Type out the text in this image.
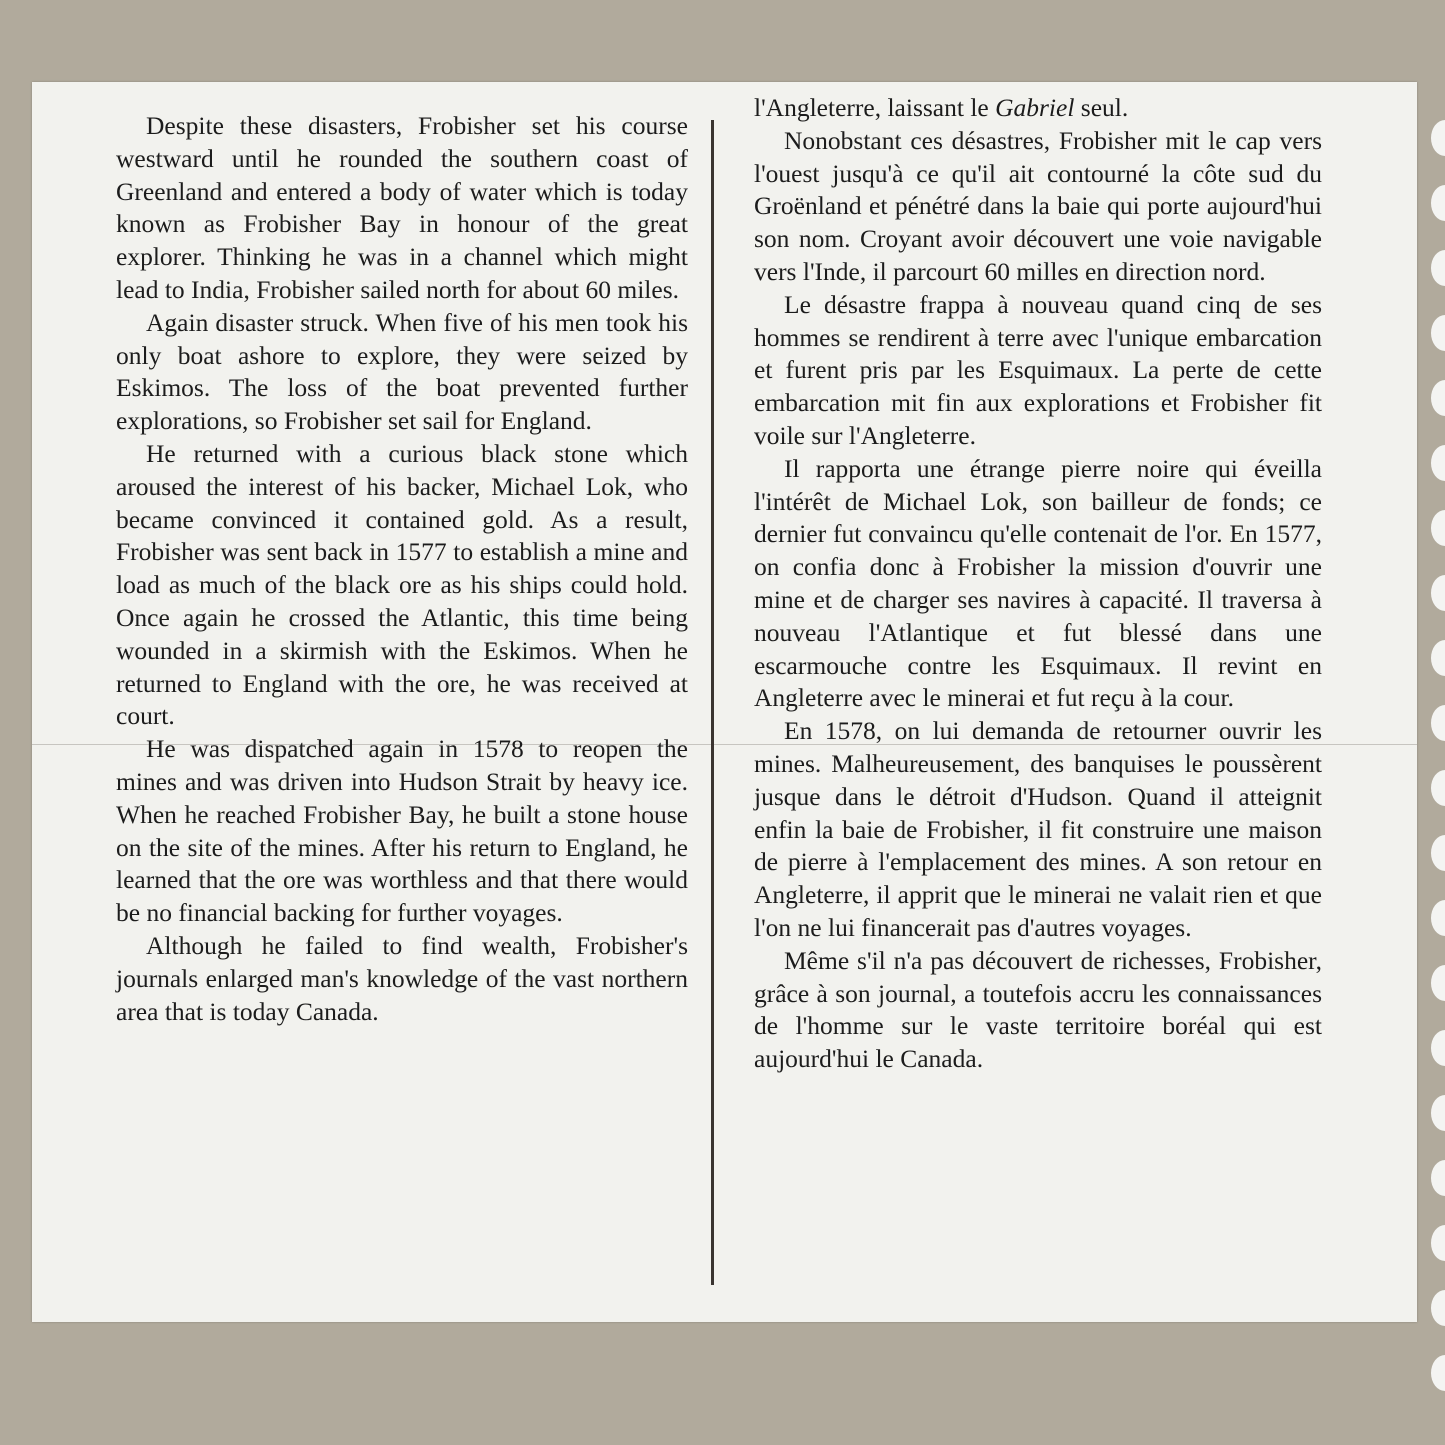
Despite these disasters, Frobisher set his course westward until he rounded the southern coast of Greenland and entered a body of water which is today known as Frobisher Bay in honour of the great explorer. Thinking he was in a channel which might lead to India, Frobisher sailed north for about 60 miles.

Again disaster struck. When five of his men took his only boat ashore to explore, they were seized by Eskimos. The loss of the boat prevented further explorations, so Frobisher set sail for England.

He returned with a curious black stone which aroused the interest of his backer, Michael Lok, who became convinced it contained gold. As a result, Frobisher was sent back in 1577 to establish a mine and load as much of the black ore as his ships could hold. Once again he crossed the Atlantic, this time being wounded in a skirmish with the Eskimos. When he returned to England with the ore, he was received at court.

He was dispatched again in 1578 to reopen the mines and was driven into Hudson Strait by heavy ice. When he reached Frobisher Bay, he built a stone house on the site of the mines. After his return to England, he learned that the ore was worthless and that there would be no financial backing for further voyages.

Although he failed to find wealth, Frobisher's journals enlarged man's knowledge of the vast northern area that is today Canada.

l'Angleterre, laissant le Gabriel seul.

Nonobstant ces désastres, Frobisher mit le cap vers l'ouest jusqu'à ce qu'il ait contourné la côte sud du Groënland et pénétré dans la baie qui porte aujourd'hui son nom. Croyant avoir découvert une voie navigable vers l'Inde, il parcourt 60 milles en direction nord.

Le désastre frappa à nouveau quand cinq de ses hommes se rendirent à terre avec l'unique embarcation et furent pris par les Esquimaux. La perte de cette embarcation mit fin aux explorations et Frobisher fit voile sur l'Angleterre.

Il rapporta une étrange pierre noire qui éveilla l'intérêt de Michael Lok, son bailleur de fonds; ce dernier fut convaincu qu'elle contenait de l'or. En 1577, on confia donc à Frobisher la mission d'ouvrir une mine et de charger ses navires à capacité. Il traversa à nouveau l'Atlantique et fut blessé dans une escarmouche contre les Esquimaux. Il revint en Angleterre avec le minerai et fut reçu à la cour.

En 1578, on lui demanda de retourner ouvrir les mines. Malheureusement, des banquises le poussèrent jusque dans le détroit d'Hudson. Quand il atteignit enfin la baie de Frobisher, il fit construire une maison de pierre à l'emplacement des mines. A son retour en Angleterre, il apprit que le minerai ne valait rien et que l'on ne lui financerait pas d'autres voyages.

Même s'il n'a pas découvert de richesses, Frobisher, grâce à son journal, a toutefois accru les connaissances de l'homme sur le vaste territoire boréal qui est aujourd'hui le Canada.
